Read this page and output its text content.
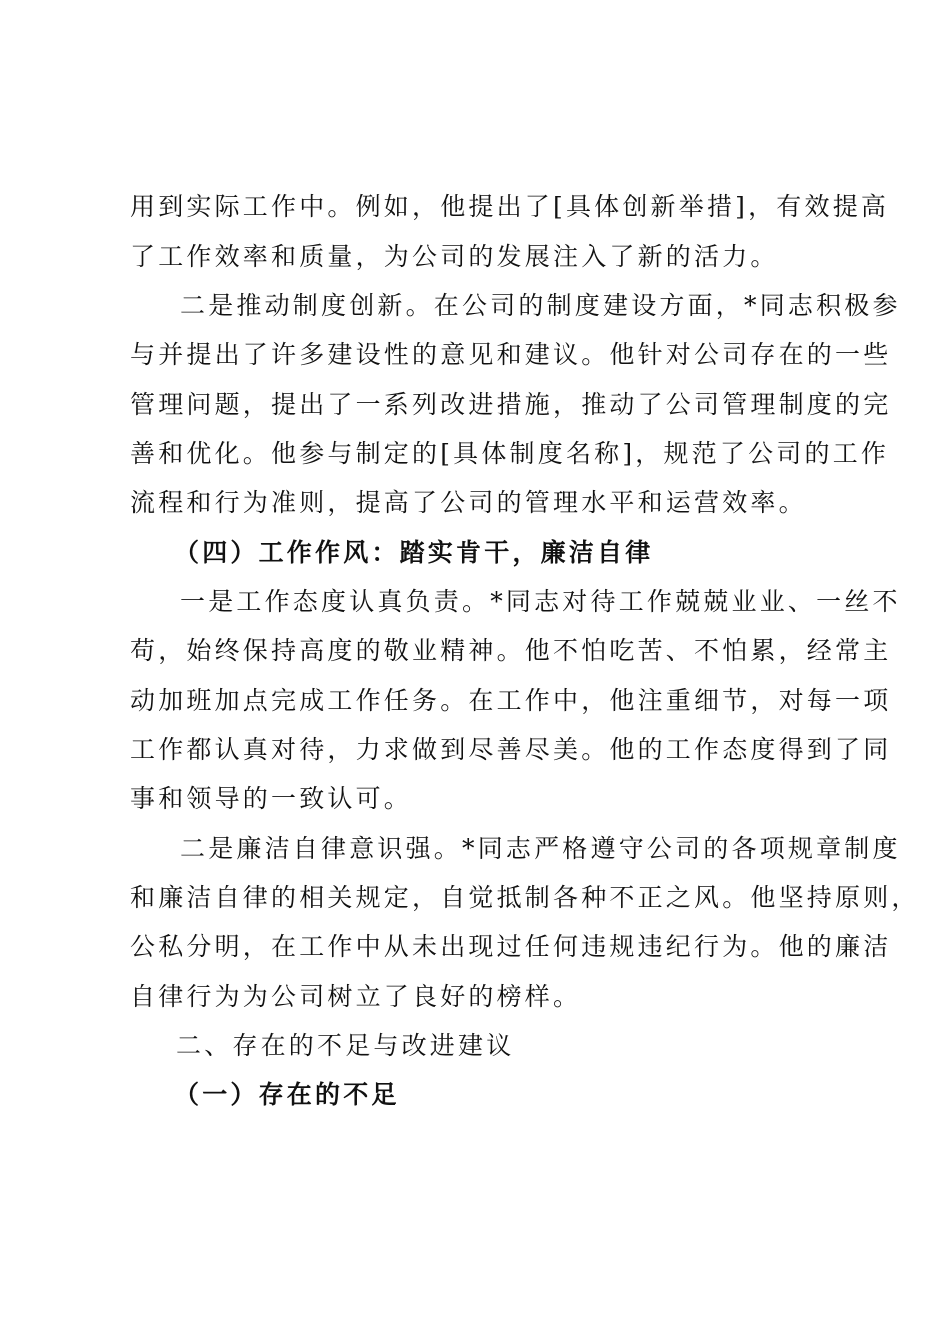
用到实际工作中。例如，他提出了[具体创新举措]，有效提高
了工作效率和质量，为公司的发展注入了新的活力。
二是推动制度创新。在公司的制度建设方面，*同志积极参
与并提出了许多建设性的意见和建议。他针对公司存在的一些
管理问题，提出了一系列改进措施，推动了公司管理制度的完
善和优化。他参与制定的[具体制度名称]，规范了公司的工作
流程和行为准则，提高了公司的管理水平和运营效率。
（四）工作作风：踏实肯干，廉洁自律
一是工作态度认真负责。*同志对待工作兢兢业业、一丝不
苟，始终保持高度的敬业精神。他不怕吃苦、不怕累，经常主
动加班加点完成工作任务。在工作中，他注重细节，对每一项
工作都认真对待，力求做到尽善尽美。他的工作态度得到了同
事和领导的一致认可。
二是廉洁自律意识强。*同志严格遵守公司的各项规章制度
和廉洁自律的相关规定，自觉抵制各种不正之风。他坚持原则，
公私分明，在工作中从未出现过任何违规违纪行为。他的廉洁
自律行为为公司树立了良好的榜样。
二、存在的不足与改进建议
（一）存在的不足
